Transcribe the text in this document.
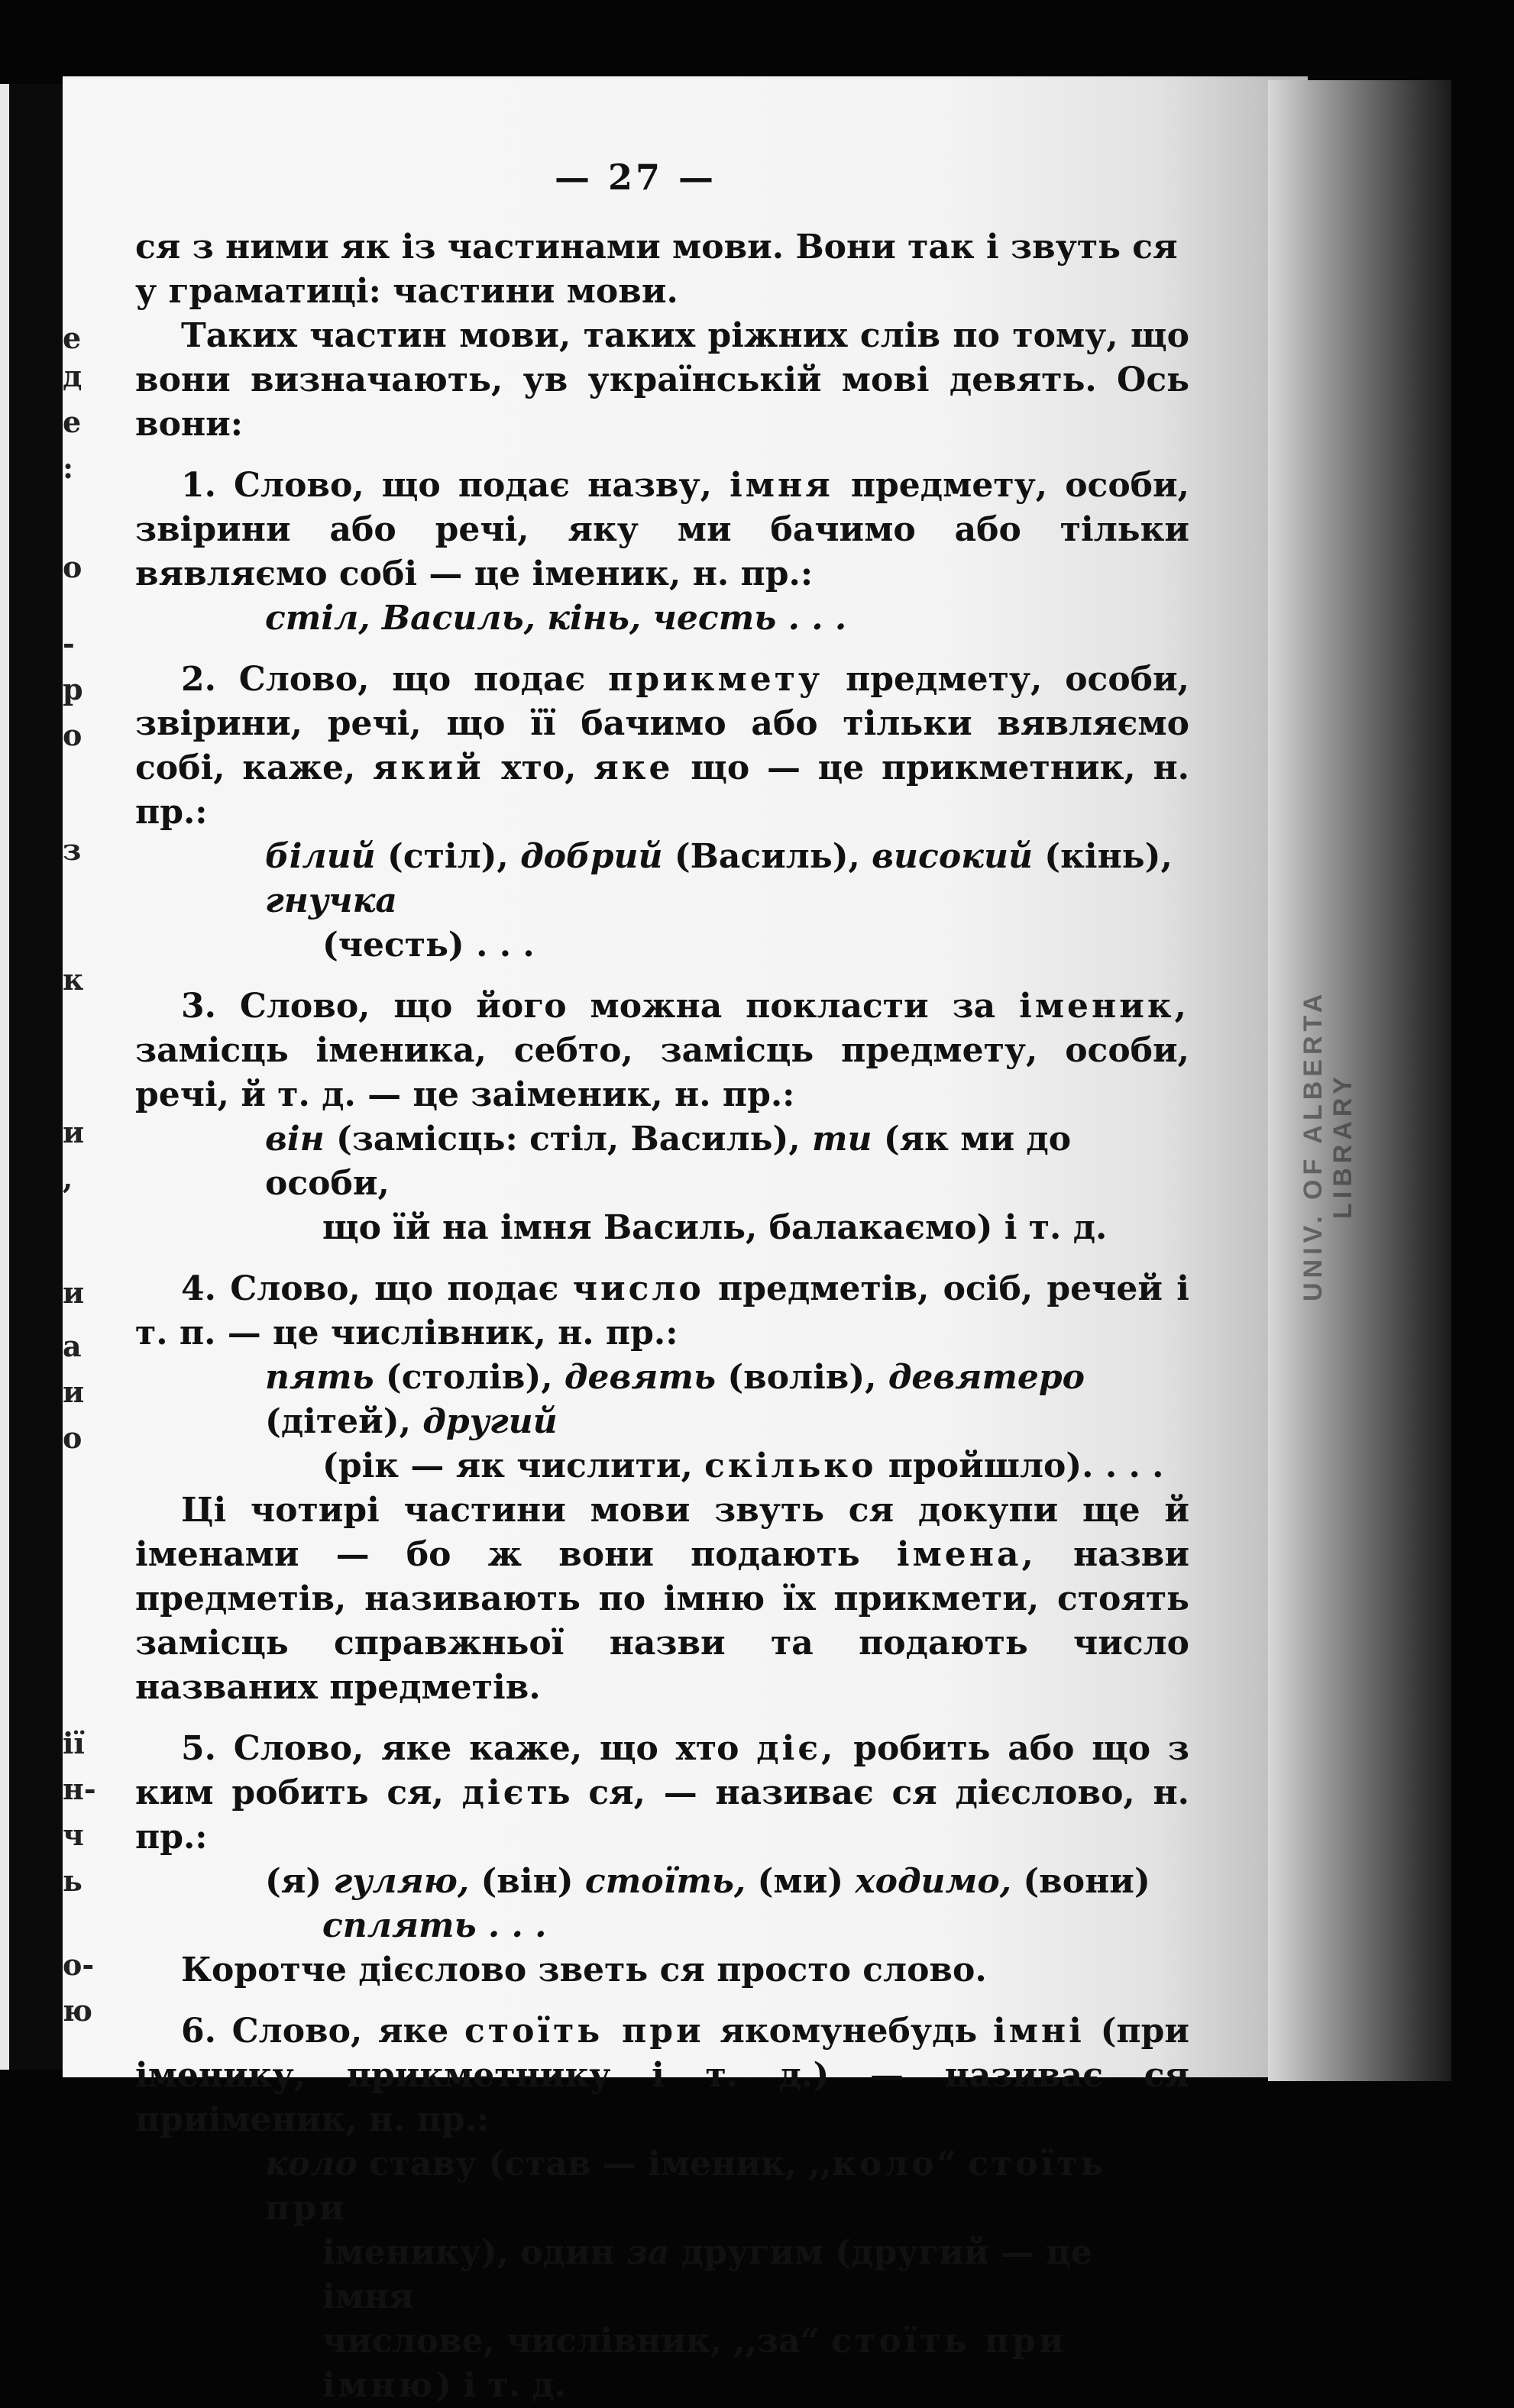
е
д
е
:
о
-
р
о
з
к
и
,
и
а
и
о
ії
н-
ч
ь
о-
ю
— 27 —

ся з ними як із частинами мови. Вони так і звуть ся у граматиці: частини мови.

Таких частин мови, таких ріжних слів по тому, що вони визначають, ув українській мові девять. Ось вони:

1. Слово, що подає назву, імня предмету, особи, звірини або речі, яку ми бачимо або тільки вявляємо собі — це іменик, н. пр.:

стіл, Василь, кінь, честь . . .

2. Слово, що подає прикмету предмету, особи, звірини, речі, що її бачимо або тільки вявляємо собі, каже, який хто, яке що — це прикметник, н. пр.:

білий (стіл), добрий (Василь), високий (кінь), гнучка

(честь) . . .

3. Слово, що його можна покласти за іменик, замісць іменика, себто, замісць предмету, особи, речі, й т. д. — це заіменик, н. пр.:

він (замісць: стіл, Василь), ти (як ми до особи,

що їй на імня Василь, балакаємо) і т. д.

4. Слово, що подає число предметів, осіб, речей і т. п. — це числівник, н. пр.:

пять (столів), девять (волів), девятеро (дітей), другий

(рік — як числити, скілько пройшло). . . .

Ці чотирі частини мови звуть ся докупи ще й іменами — бо ж вони подають імена, назви предметів, називають по імню їх прикмети, стоять замісць справжньої назви та подають число названих предметів.

5. Слово, яке каже, що хто діє, робить або що з ким робить ся, дієть ся, — називає ся дієслово, н. пр.:

(я) гуляю, (він) стоїть, (ми) ходимо, (вони)

сплять . . .

Коротче дієслово зветь ся просто слово.

6. Слово, яке стоїть при якомунебудь імні (при іменику, прикметнику і т. д.) — називає ся приіменик, н. пр.:

коло ставу (став — іменик, ,,коло“ стоїть при

іменику), один за другим (другий — це імня

числове, числівник, ,,за“ стоїть при імню) і т. д.

UNIV. OF ALBERTA LIBRARY
